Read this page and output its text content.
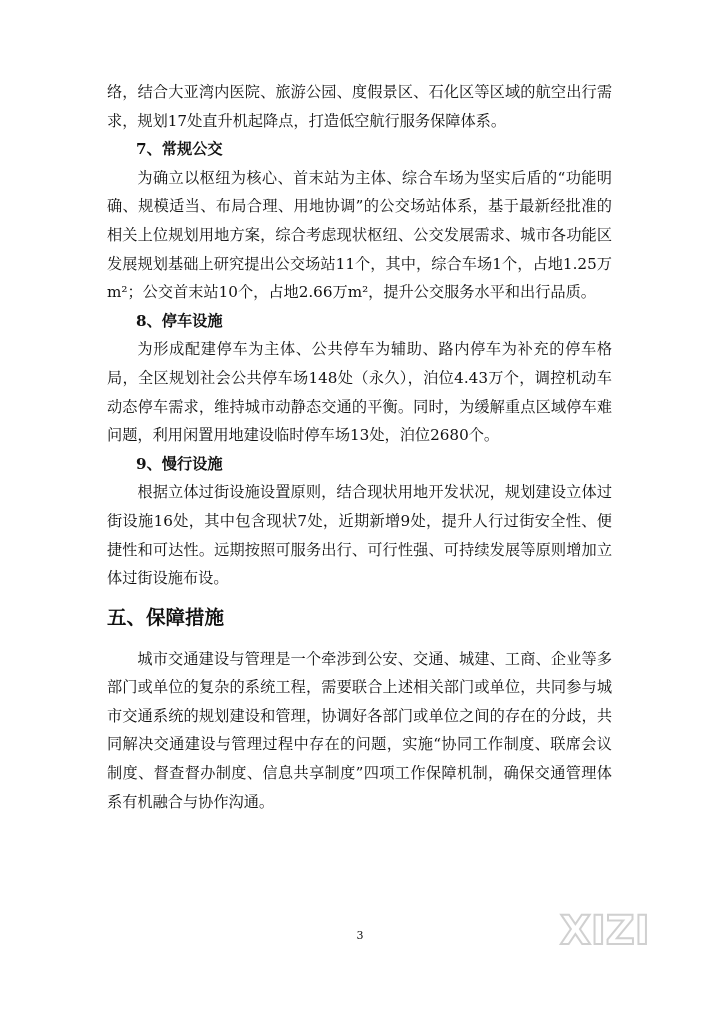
络，结合大亚湾内医院、旅游公园、度假景区、石化区等区域的航空出行需求，规划17处直升机起降点，打造低空航行服务保障体系。

7、常规公交

为确立以枢纽为核心、首末站为主体、综合车场为坚实后盾的“功能明确、规模适当、布局合理、用地协调”的公交场站体系，基于最新经批准的相关上位规划用地方案，综合考虑现状枢纽、公交发展需求、城市各功能区发展规划基础上研究提出公交场站11个，其中，综合车场1个，占地1.25万m²；公交首末站10个，占地2.66万m²，提升公交服务水平和出行品质。

8、停车设施

为形成配建停车为主体、公共停车为辅助、路内停车为补充的停车格局，全区规划社会公共停车场148处（永久），泊位4.43万个，调控机动车动态停车需求，维持城市动静态交通的平衡。同时，为缓解重点区域停车难问题，利用闲置用地建设临时停车场13处，泊位2680个。

9、慢行设施

根据立体过街设施设置原则，结合现状用地开发状况，规划建设立体过街设施16处，其中包含现状7处，近期新增9处，提升人行过街安全性、便捷性和可达性。远期按照可服务出行、可行性强、可持续发展等原则增加立体过街设施布设。

五、保障措施

城市交通建设与管理是一个牵涉到公安、交通、城建、工商、企业等多部门或单位的复杂的系统工程，需要联合上述相关部门或单位，共同参与城市交通系统的规划建设和管理，协调好各部门或单位之间的存在的分歧，共同解决交通建设与管理过程中存在的问题，实施“协同工作制度、联席会议制度、督查督办制度、信息共享制度”四项工作保障机制，确保交通管理体系有机融合与协作沟通。

3	XIZI
